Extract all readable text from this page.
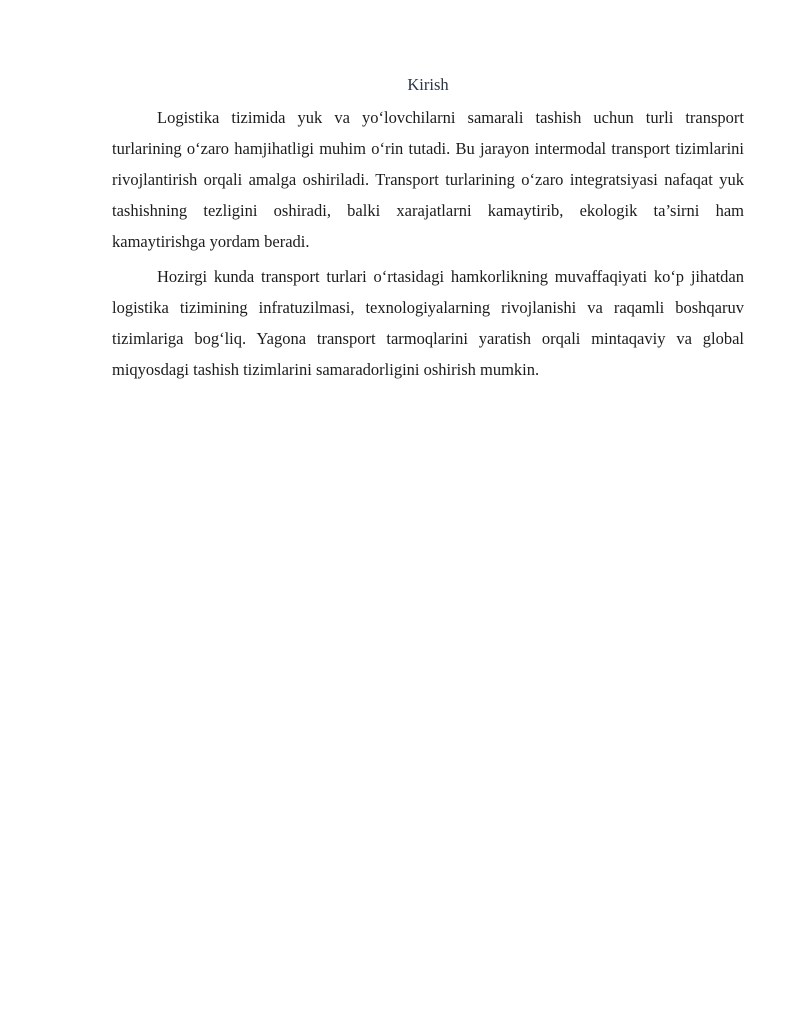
Kirish

Logistika tizimida yuk va yo‘lovchilarni samarali tashish uchun turli transport turlarining o‘zaro hamjihatligi muhim o‘rin tutadi. Bu jarayon intermodal transport tizimlarini rivojlantirish orqali amalga oshiriladi. Transport turlarining o‘zaro integratsiyasi nafaqat yuk tashishning tezligini oshiradi, balki xarajatlarni kamaytirib, ekologik ta’sirni ham kamaytirishga yordam beradi.

Hozirgi kunda transport turlari o‘rtasidagi hamkorlikning muvaffaqiyati ko‘p jihatdan logistika tizimining infratuzilmasi, texnologiyalarning rivojlanishi va raqamli boshqaruv tizimlariga bog‘liq. Yagona transport tarmoqlarini yaratish orqali mintaqaviy va global miqyosdagi tashish tizimlarini samaradorligini oshirish mumkin.
